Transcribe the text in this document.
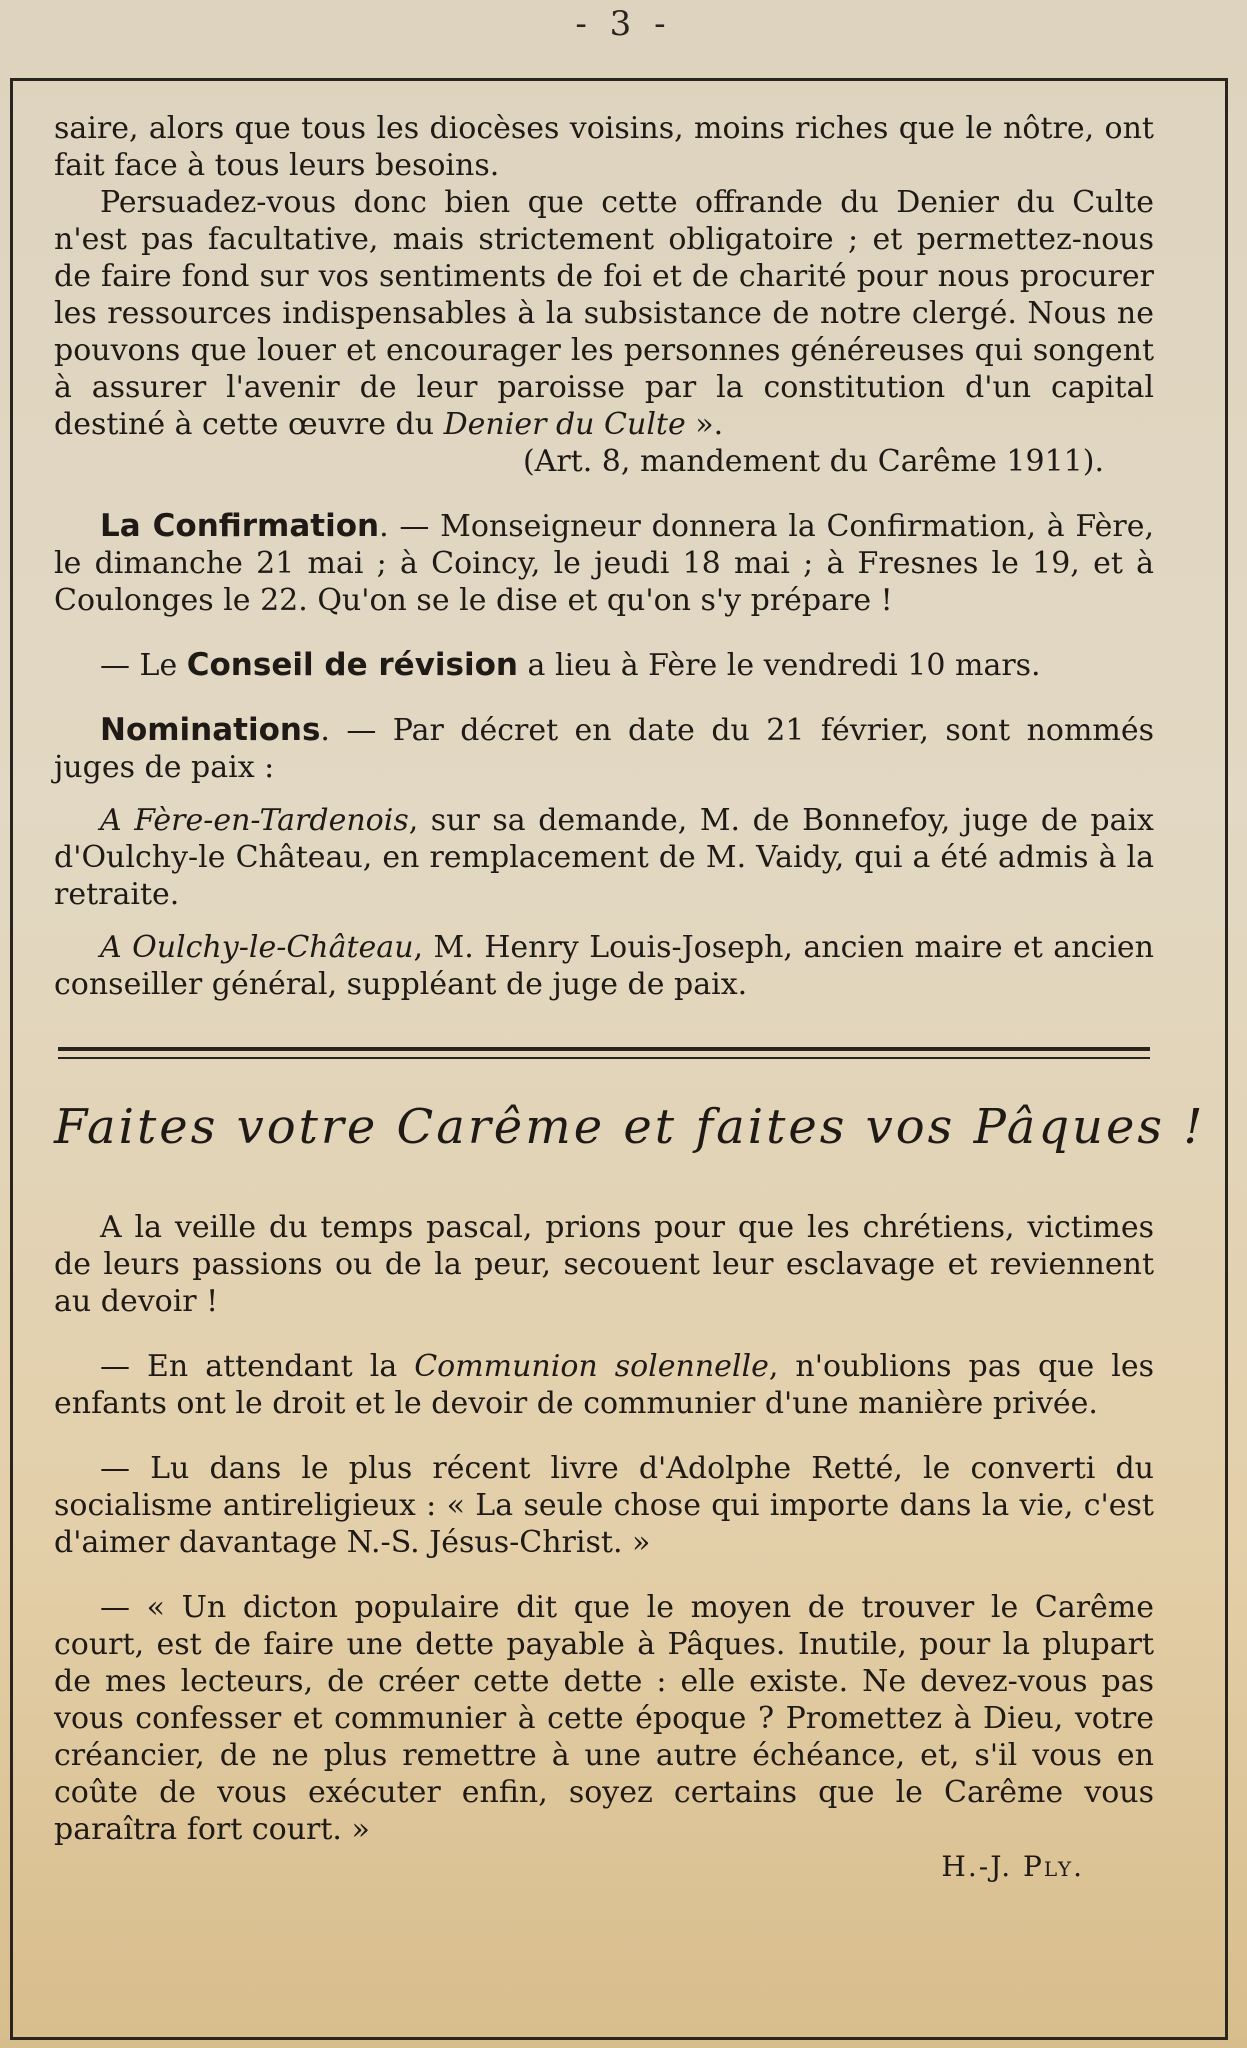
- 3 -

saire, alors que tous les diocèses voisins, moins riches que le nôtre, ont fait face à tous leurs besoins.

Persuadez-vous donc bien que cette offrande du Denier du Culte n'est pas facultative, mais strictement obligatoire ; et permettez-nous de faire fond sur vos sentiments de foi et de charité pour nous procurer les ressources indispensables à la subsistance de notre clergé. Nous ne pouvons que louer et encourager les personnes généreuses qui songent à assurer l'avenir de leur paroisse par la constitution d'un capital destiné à cette œuvre du Denier du Culte ».

(Art. 8, mandement du Carême 1911).

La Confirmation. — Monseigneur donnera la Confirmation, à Fère, le dimanche 21 mai ; à Coincy, le jeudi 18 mai ; à Fresnes le 19, et à Coulonges le 22. Qu'on se le dise et qu'on s'y prépare !

— Le Conseil de révision a lieu à Fère le vendredi 10 mars.

Nominations. — Par décret en date du 21 février, sont nommés juges de paix :

A Fère-en-Tardenois, sur sa demande, M. de Bonnefoy, juge de paix d'Oulchy-le Château, en remplacement de M. Vaidy, qui a été admis à la retraite.

A Oulchy-le-Château, M. Henry Louis-Joseph, ancien maire et ancien conseiller général, suppléant de juge de paix.

Faites votre Carême et faites vos Pâques !

A la veille du temps pascal, prions pour que les chrétiens, victimes de leurs passions ou de la peur, secouent leur esclavage et reviennent au devoir !

— En attendant la Communion solennelle, n'oublions pas que les enfants ont le droit et le devoir de communier d'une manière privée.

— Lu dans le plus récent livre d'Adolphe Retté, le converti du socialisme antireligieux : « La seule chose qui importe dans la vie, c'est d'aimer davantage N.-S. Jésus-Christ. »

— « Un dicton populaire dit que le moyen de trouver le Carême court, est de faire une dette payable à Pâques. Inutile, pour la plupart de mes lecteurs, de créer cette dette : elle existe. Ne devez-vous pas vous confesser et communier à cette époque ? Promettez à Dieu, votre créancier, de ne plus remettre à une autre échéance, et, s'il vous en coûte de vous exécuter enfin, soyez certains que le Carême vous paraîtra fort court. »

H.-J. Ply.
